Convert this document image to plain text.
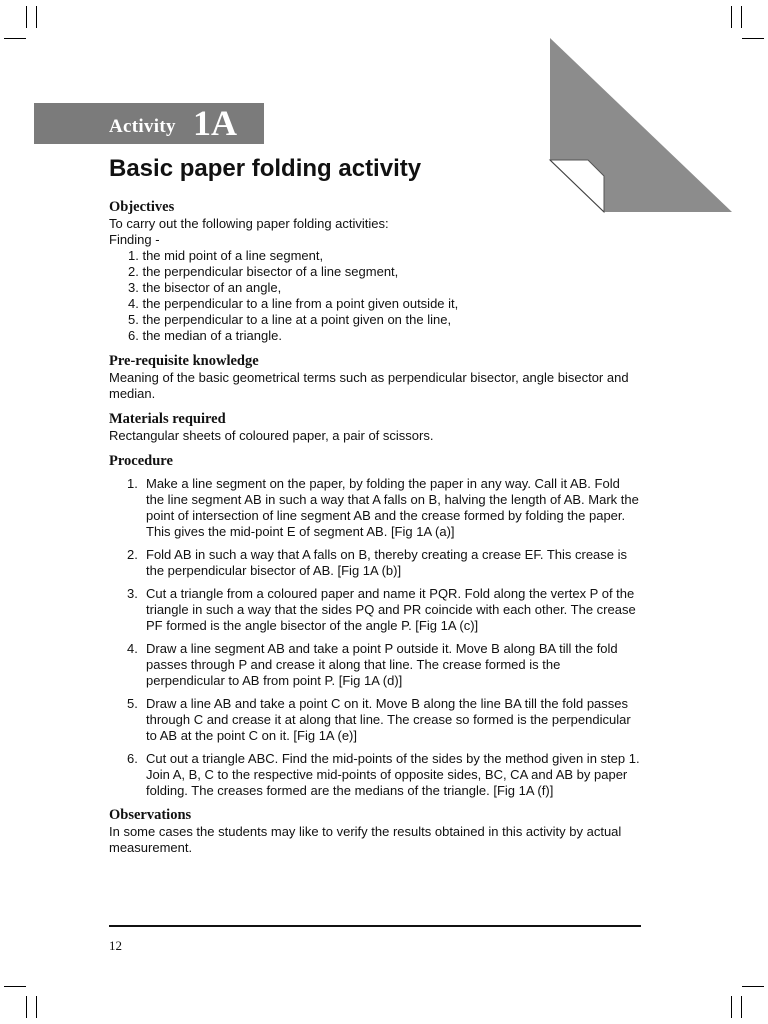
Activity 1A
Basic paper folding activity

Objectives

To carry out the following paper folding activities:

Finding -

1. the mid point of a line segment,
2. the perpendicular bisector of a line segment,
3. the bisector of an angle,
4. the perpendicular to a line from a point given outside it,
5. the perpendicular to a line at a point given on the line,
6. the median of a triangle.

Pre-requisite knowledge

Meaning of the basic geometrical terms such as perpendicular bisector, angle bisector and median.

Materials required

Rectangular sheets of coloured paper, a pair of scissors.

Procedure

1. Make a line segment on the paper, by folding the paper in any way. Call it AB. Fold the line segment AB in such a way that A falls on B, halving the length of AB. Mark the point of intersection of line segment AB and the crease formed by folding the paper. This gives the mid-point E of segment AB. [Fig 1A (a)]
2. Fold AB in such a way that A falls on B, thereby creating a crease EF. This crease is the perpendicular bisector of AB. [Fig 1A (b)]
3. Cut a triangle from a coloured paper and name it PQR. Fold along the vertex P of the triangle in such a way that the sides PQ and PR coincide with each other. The crease PF formed is the angle bisector of the angle P. [Fig 1A (c)]
4. Draw a line segment AB and take a point P outside it. Move B along BA till the fold passes through P and crease it along that line. The crease formed is the perpendicular to AB from point P. [Fig 1A (d)]
5. Draw a line AB and take a point C on it. Move B along the line BA till the fold passes through C and crease it at along that line. The crease so formed is the perpendicular to AB at the point C on it. [Fig 1A (e)]
6. Cut out a triangle ABC. Find the mid-points of the sides by the method given in step 1. Join A, B, C to the respective mid-points of opposite sides, BC, CA and AB by paper folding. The creases formed are the medians of the triangle. [Fig 1A (f)]

Observations

In some cases the students may like to verify the results obtained in this activity by actual measurement.

12
